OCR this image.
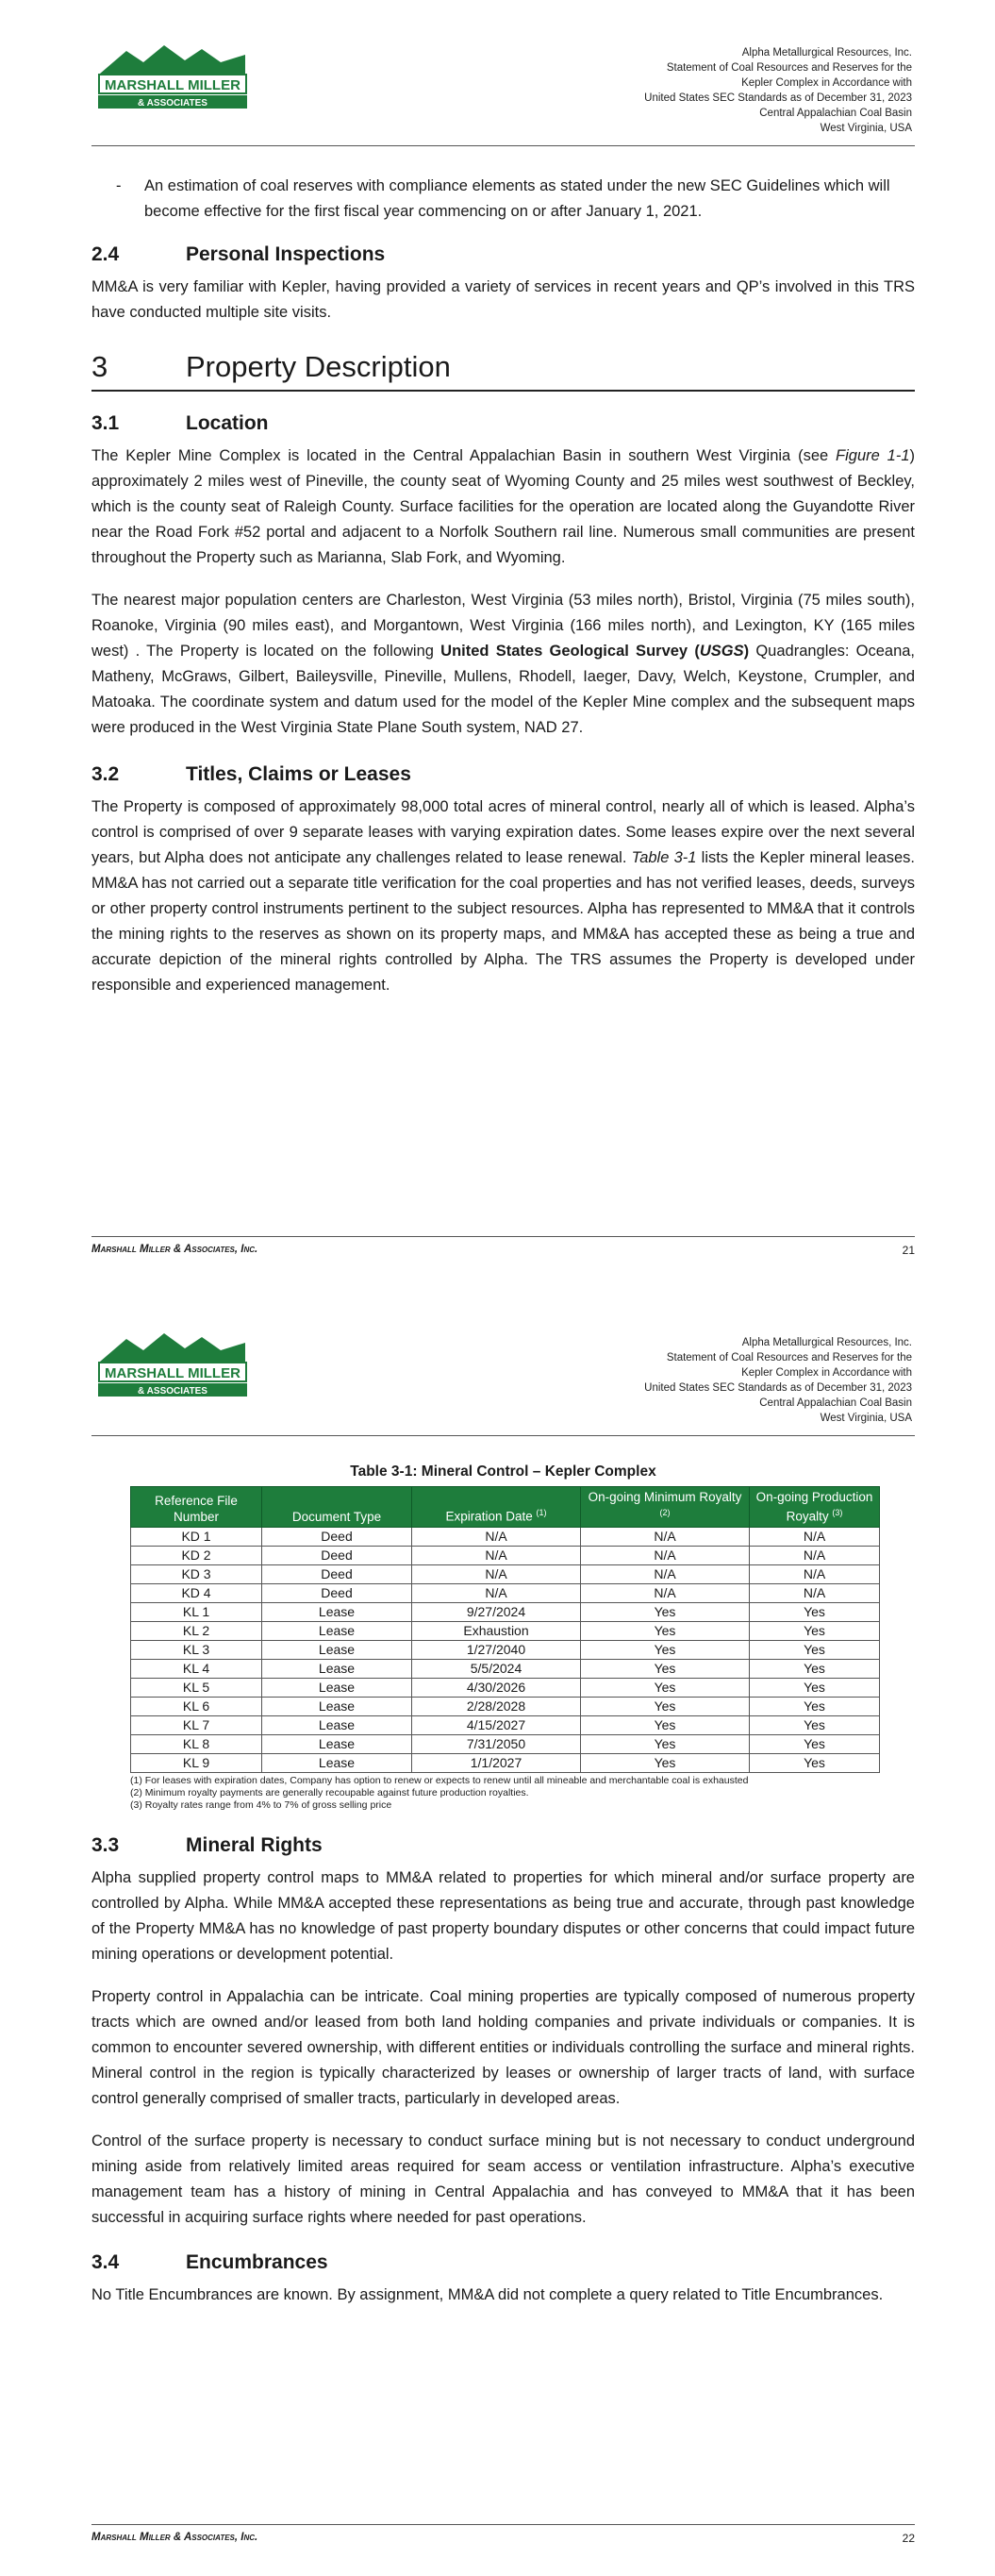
MARSHALL MILLER
& ASSOCIATES
Alpha Metallurgical Resources, Inc.
Statement of Coal Resources and Reserves for the
Kepler Complex in Accordance with
United States SEC Standards as of December 31, 2023
Central Appalachian Coal Basin
West Virginia, USA
-	An estimation of coal reserves with compliance elements as stated under the new SEC Guidelines which will become effective for the first fiscal year commencing on or after January 1, 2021.
2.4	Personal Inspections

MM&A is very familiar with Kepler, having provided a variety of services in recent years and QP’s involved in this TRS have conducted multiple site visits.

3	Property Description
3.1	Location

The Kepler Mine Complex is located in the Central Appalachian Basin in southern West Virginia (see Figure 1-1) approximately 2 miles west of Pineville, the county seat of Wyoming County and 25 miles west southwest of Beckley, which is the county seat of Raleigh County. Surface facilities for the operation are located along the Guyandotte River near the Road Fork #52 portal and adjacent to a Norfolk Southern rail line. Numerous small communities are present throughout the Property such as Marianna, Slab Fork, and Wyoming.

The nearest major population centers are Charleston, West Virginia (53 miles north), Bristol, Virginia (75 miles south), Roanoke, Virginia (90 miles east), and Morgantown, West Virginia (166 miles north), and Lexington, KY (165 miles west) . The Property is located on the following United States Geological Survey (USGS) Quadrangles: Oceana, Matheny, McGraws, Gilbert, Baileysville, Pineville, Mullens, Rhodell, Iaeger, Davy, Welch, Keystone, Crumpler, and Matoaka. The coordinate system and datum used for the model of the Kepler Mine complex and the subsequent maps were produced in the West Virginia State Plane South system, NAD 27.

3.2	Titles, Claims or Leases

The Property is composed of approximately 98,000 total acres of mineral control, nearly all of which is leased. Alpha’s control is comprised of over 9 separate leases with varying expiration dates. Some leases expire over the next several years, but Alpha does not anticipate any challenges related to lease renewal. Table 3-1 lists the Kepler mineral leases. MM&A has not carried out a separate title verification for the coal properties and has not verified leases, deeds, surveys or other property control instruments pertinent to the subject resources. Alpha has represented to MM&A that it controls the mining rights to the reserves as shown on its property maps, and MM&A has accepted these as being a true and accurate depiction of the mineral rights controlled by Alpha. The TRS assumes the Property is developed under responsible and experienced management.

Marshall Miller & Associates, Inc.	21
MARSHALL MILLER
& ASSOCIATES
Alpha Metallurgical Resources, Inc.
Statement of Coal Resources and Reserves for the
Kepler Complex in Accordance with
United States SEC Standards as of December 31, 2023
Central Appalachian Coal Basin
West Virginia, USA
Table 3-1: Mineral Control – Kepler Complex
Reference File Number	Document Type	Expiration Date $^{(1)}$	On-going Minimum Royalty $^{(2)}$	On-going Production Royalty $^{(3)}$
KD 1	Deed	N/A	N/A	N/A
KD 2	Deed	N/A	N/A	N/A
KD 3	Deed	N/A	N/A	N/A
KD 4	Deed	N/A	N/A	N/A
KL 1	Lease	9/27/2024	Yes	Yes
KL 2	Lease	Exhaustion	Yes	Yes
KL 3	Lease	1/27/2040	Yes	Yes
KL 4	Lease	5/5/2024	Yes	Yes
KL 5	Lease	4/30/2026	Yes	Yes
KL 6	Lease	2/28/2028	Yes	Yes
KL 7	Lease	4/15/2027	Yes	Yes
KL 8	Lease	7/31/2050	Yes	Yes
KL 9	Lease	1/1/2027	Yes	Yes
(1) For leases with expiration dates, Company has option to renew or expects to renew until all mineable and merchantable coal is exhausted
(2) Minimum royalty payments are generally recoupable against future production royalties.
(3) Royalty rates range from 4% to 7% of gross selling price
3.3	Mineral Rights

Alpha supplied property control maps to MM&A related to properties for which mineral and/or surface property are controlled by Alpha. While MM&A accepted these representations as being true and accurate, through past knowledge of the Property MM&A has no knowledge of past property boundary disputes or other concerns that could impact future mining operations or development potential.

Property control in Appalachia can be intricate. Coal mining properties are typically composed of numerous property tracts which are owned and/or leased from both land holding companies and private individuals or companies. It is common to encounter severed ownership, with different entities or individuals controlling the surface and mineral rights. Mineral control in the region is typically characterized by leases or ownership of larger tracts of land, with surface control generally comprised of smaller tracts, particularly in developed areas.

Control of the surface property is necessary to conduct surface mining but is not necessary to conduct underground mining aside from relatively limited areas required for seam access or ventilation infrastructure. Alpha’s executive management team has a history of mining in Central Appalachia and has conveyed to MM&A that it has been successful in acquiring surface rights where needed for past operations.

3.4	Encumbrances

No Title Encumbrances are known. By assignment, MM&A did not complete a query related to Title Encumbrances.

Marshall Miller & Associates, Inc.	22
